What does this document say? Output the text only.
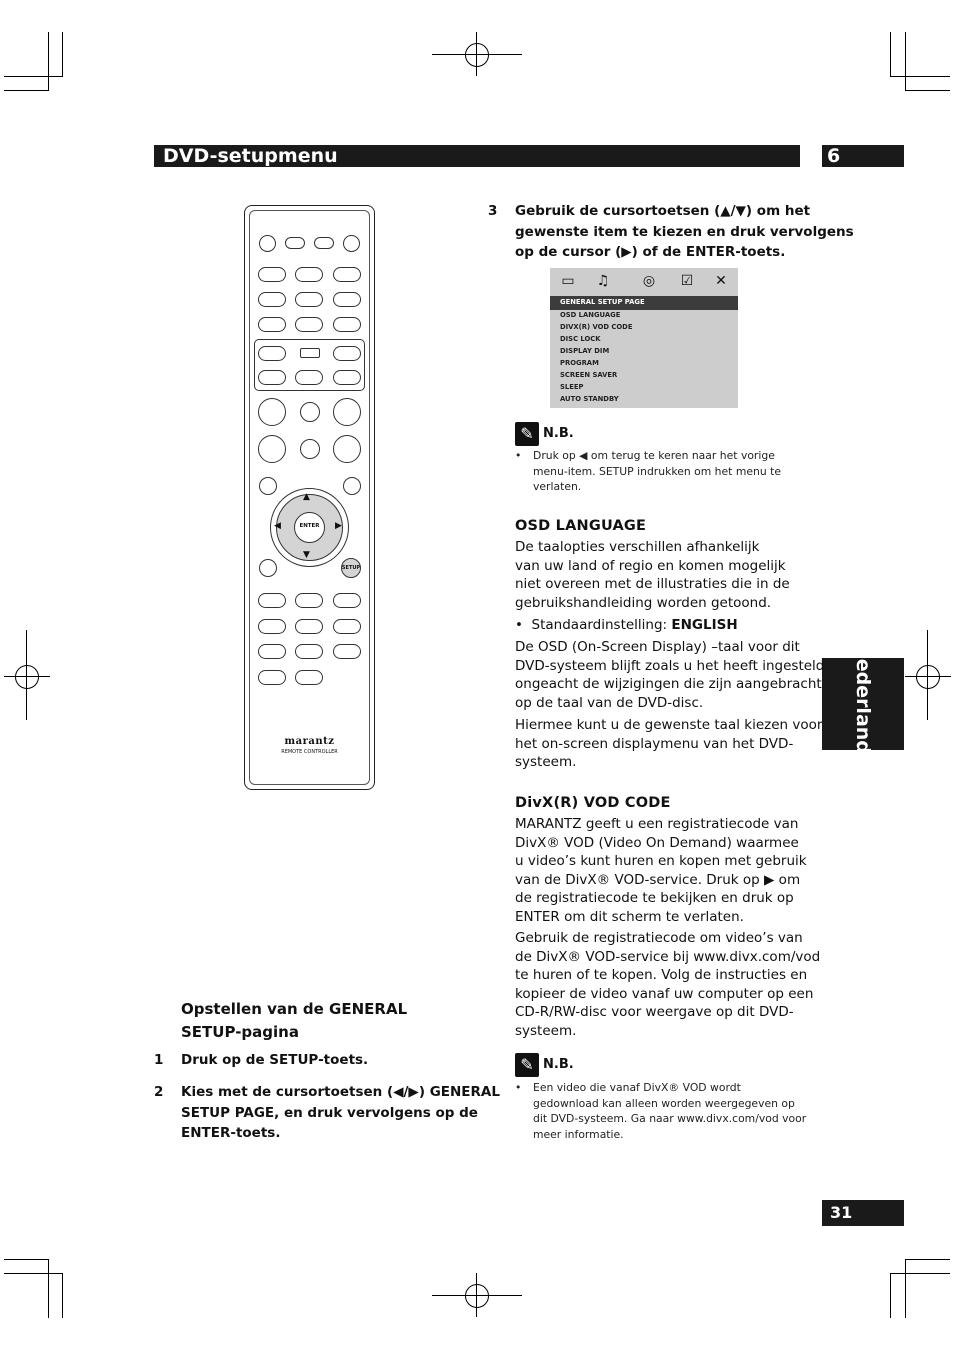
DVD-setupmenu	6
Nederlands
31
▲
▼
◀	▶
ENTER
SETUP
marantz
REMOTE CONTROLLER
Opstellen van de GENERAL
SETUP-pagina
1 Druk op de SETUP-toets.
2 Kies met de cursortoetsen (◀/▶) GENERAL
SETUP PAGE, en druk vervolgens op de
ENTER-toets.
3 Gebruik de cursortoetsen (▲/▼) om het
gewenste item te kiezen en druk vervolgens
op de cursor (▶) of de ENTER-toets.
▭ ♫ ◎ ☑ ✕
GENERAL SETUP PAGE
OSD LANGUAGE
DIVX(R) VOD CODE
DISC LOCK
DISPLAY DIM
PROGRAM
SCREEN SAVER
SLEEP
AUTO STANDBY
✎ N.B.
• Druk op ◀ om terug te keren naar het vorige
menu-item. SETUP indrukken om het menu te
verlaten.
OSD LANGUAGE
De taalopties verschillen afhankelijk
van uw land of regio en komen mogelijk
niet overeen met de illustraties die in de
gebruikshandleiding worden getoond.
•  Standaardinstelling: ENGLISH
De OSD (On-Screen Display) –taal voor dit
DVD-systeem blijft zoals u het heeft ingesteld
ongeacht de wijzigingen die zijn aangebracht
op de taal van de DVD-disc.
Hiermee kunt u de gewenste taal kiezen voor
het on-screen displaymenu van het DVD-
systeem.
DivX(R) VOD CODE
MARANTZ geeft u een registratiecode van
DivX® VOD (Video On Demand) waarmee
u video’s kunt huren en kopen met gebruik
van de DivX® VOD-service. Druk op ▶ om
de registratiecode te bekijken en druk op
ENTER om dit scherm te verlaten.
Gebruik de registratiecode om video’s van
de DivX® VOD-service bij www.divx.com/vod
te huren of te kopen. Volg de instructies en
kopieer de video vanaf uw computer op een
CD-R/RW-disc voor weergave op dit DVD-
systeem.
✎ N.B.
• Een video die vanaf DivX® VOD wordt
gedownload kan alleen worden weergegeven op
dit DVD-systeem. Ga naar www.divx.com/vod voor
meer informatie.
